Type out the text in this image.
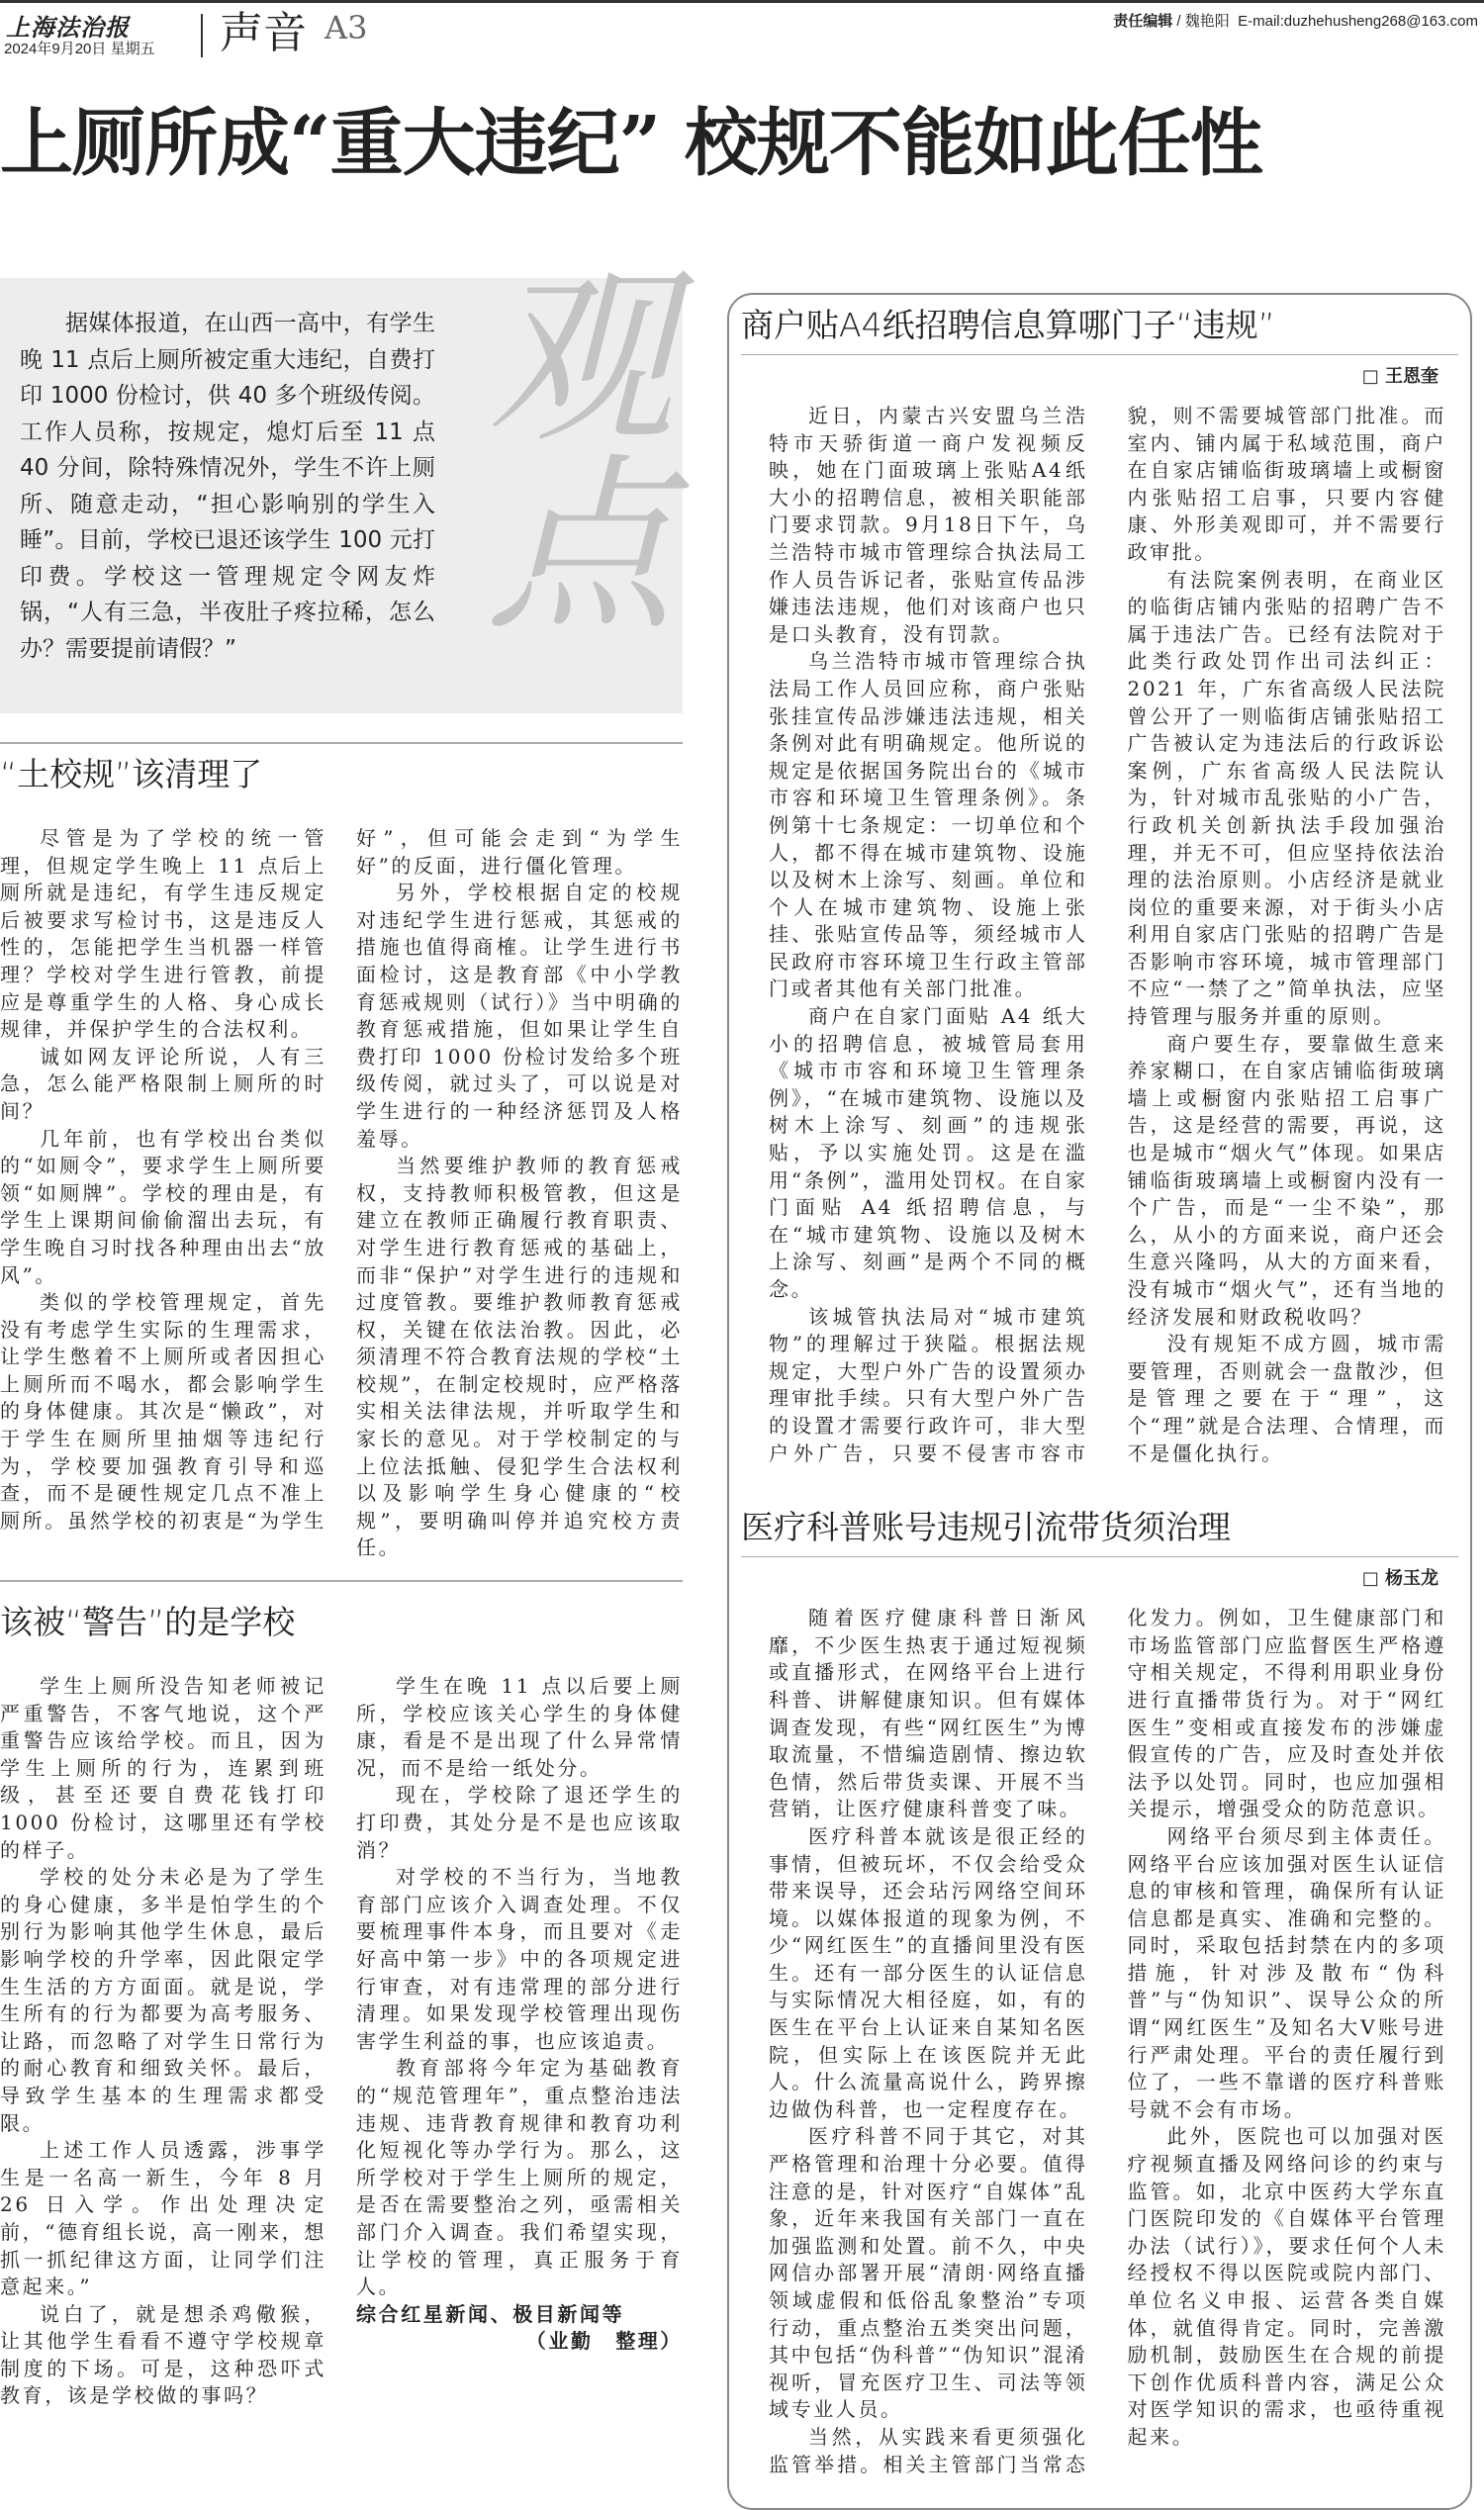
上海法治报
2024年9月20日 星期五 声音 A3	责任编辑 / 魏艳阳 E-mail:duzhehusheng268@163.com
上厕所成“重大违纪” 校规不能如此任性
观点
据媒体报道，在山西一高中，有学生晚 11 点后上厕所被定重大违纪，自费打印 1000 份检讨，供 40 多个班级传阅。工作人员称，按规定，熄灯后至 11 点 40 分间，除特殊情况外，学生不许上厕所、随意走动，“担心影响别的学生入睡”。目前，学校已退还该学生 100 元打印费。学校这一管理规定令网友炸锅，“人有三急，半夜肚子疼拉稀，怎么办？需要提前请假？”
“土校规”该清理了

尽管是为了学校的统一管理，但规定学生晚上 11 点后上厕所就是违纪，有学生违反规定后被要求写检讨书，这是违反人性的，怎能把学生当机器一样管理？学校对学生进行管教，前提应是尊重学生的人格、身心成长规律，并保护学生的合法权利。

诚如网友评论所说，人有三急，怎么能严格限制上厕所的时间？

几年前，也有学校出台类似的“如厕令”，要求学生上厕所要领“如厕牌”。学校的理由是，有学生上课期间偷偷溜出去玩，有学生晚自习时找各种理由出去“放风”。

类似的学校管理规定，首先没有考虑学生实际的生理需求，让学生憋着不上厕所或者因担心上厕所而不喝水，都会影响学生的身体健康。其次是“懒政”，对于学生在厕所里抽烟等违纪行为，学校要加强教育引导和巡查，而不是硬性规定几点不准上厕所。虽然学校的初衷是“为学生好”，但可能会走到“为学生好”的反面，进行僵化管理。

另外，学校根据自定的校规对违纪学生进行惩戒，其惩戒的措施也值得商榷。让学生进行书面检讨，这是教育部《中小学教育惩戒规则（试行）》当中明确的教育惩戒措施，但如果让学生自费打印 1000 份检讨发给多个班级传阅，就过头了，可以说是对学生进行的一种经济惩罚及人格羞辱。

当然要维护教师的教育惩戒权，支持教师积极管教，但这是建立在教师正确履行教育职责、对学生进行教育惩戒的基础上，而非“保护”对学生进行的违规和过度管教。要维护教师教育惩戒权，关键在依法治教。因此，必须清理不符合教育法规的学校“土校规”，在制定校规时，应严格落实相关法律法规，并听取学生和家长的意见。对于学校制定的与上位法抵触、侵犯学生合法权利以及影响学生身心健康的“校规”，要明确叫停并追究校方责任。

该被“警告”的是学校

学生上厕所没告知老师被记严重警告，不客气地说，这个严重警告应该给学校。而且，因为学生上厕所的行为，连累到班级，甚至还要自费花钱打印 1000 份检讨，这哪里还有学校的样子。

学校的处分未必是为了学生的身心健康，多半是怕学生的个别行为影响其他学生休息，最后影响学校的升学率，因此限定学生生活的方方面面。就是说，学生所有的行为都要为高考服务、让路，而忽略了对学生日常行为的耐心教育和细致关怀。最后，导致学生基本的生理需求都受限。

上述工作人员透露，涉事学生是一名高一新生，今年 8 月 26 日入学。作出处理决定前，“德育组长说，高一刚来，想抓一抓纪律这方面，让同学们注意起来。”

说白了，就是想杀鸡儆猴，让其他学生看看不遵守学校规章制度的下场。可是，这种恐吓式教育，该是学校做的事吗？

学生在晚 11 点以后要上厕所，学校应该关心学生的身体健康，看是不是出现了什么异常情况，而不是给一纸处分。

现在，学校除了退还学生的打印费，其处分是不是也应该取消？

对学校的不当行为，当地教育部门应该介入调查处理。不仅要梳理事件本身，而且要对《走好高中第一步》中的各项规定进行审查，对有违常理的部分进行清理。如果发现学校管理出现伤害学生利益的事，也应该追责。

教育部将今年定为基础教育的“规范管理年”，重点整治违法违规、违背教育规律和教育功利化短视化等办学行为。那么，这所学校对于学生上厕所的规定，是否在需要整治之列，亟需相关部门介入调查。我们希望实现，让学校的管理，真正服务于育人。

综合红星新闻、极目新闻等

（业勤　整理）

商户贴A4纸招聘信息算哪门子“违规”
□ 王恩奎

近日，内蒙古兴安盟乌兰浩特市天骄街道一商户发视频反映，她在门面玻璃上张贴A4纸大小的招聘信息，被相关职能部门要求罚款。9月18日下午，乌兰浩特市城市管理综合执法局工作人员告诉记者，张贴宣传品涉嫌违法违规，他们对该商户也只是口头教育，没有罚款。

乌兰浩特市城市管理综合执法局工作人员回应称，商户张贴张挂宣传品涉嫌违法违规，相关条例对此有明确规定。他所说的规定是依据国务院出台的《城市市容和环境卫生管理条例》。条例第十七条规定：一切单位和个人，都不得在城市建筑物、设施以及树木上涂写、刻画。单位和个人在城市建筑物、设施上张挂、张贴宣传品等，须经城市人民政府市容环境卫生行政主管部门或者其他有关部门批准。

商户在自家门面贴 A4 纸大小的招聘信息，被城管局套用《城市市容和环境卫生管理条例》，“在城市建筑物、设施以及树木上涂写、刻画”的违规张贴，予以实施处罚。这是在滥用“条例”，滥用处罚权。在自家门面贴 A4 纸招聘信息，与在“城市建筑物、设施以及树木上涂写、刻画”是两个不同的概念。

该城管执法局对“城市建筑物”的理解过于狭隘。根据法规规定，大型户外广告的设置须办理审批手续。只有大型户外广告的设置才需要行政许可，非大型户外广告，只要不侵害市容市貌，则不需要城管部门批准。而室内、铺内属于私域范围，商户在自家店铺临街玻璃墙上或橱窗内张贴招工启事，只要内容健康、外形美观即可，并不需要行政审批。

有法院案例表明，在商业区的临街店铺内张贴的招聘广告不属于违法广告。已经有法院对于此类行政处罚作出司法纠正：2021 年，广东省高级人民法院曾公开了一则临街店铺张贴招工广告被认定为违法后的行政诉讼案例，广东省高级人民法院认为，针对城市乱张贴的小广告，行政机关创新执法手段加强治理，并无不可，但应坚持依法治理的法治原则。小店经济是就业岗位的重要来源，对于街头小店利用自家店门张贴的招聘广告是否影响市容环境，城市管理部门不应“一禁了之”简单执法，应坚持管理与服务并重的原则。

商户要生存，要靠做生意来养家糊口，在自家店铺临街玻璃墙上或橱窗内张贴招工启事广告，这是经营的需要，再说，这也是城市“烟火气”体现。如果店铺临街玻璃墙上或橱窗内没有一个广告，而是“一尘不染”，那么，从小的方面来说，商户还会生意兴隆吗，从大的方面来看，没有城市“烟火气”，还有当地的经济发展和财政税收吗？

没有规矩不成方圆，城市需要管理，否则就会一盘散沙，但是管理之要在于“理”，这个“理”就是合法理、合情理，而不是僵化执行。

医疗科普账号违规引流带货须治理
□ 杨玉龙

随着医疗健康科普日渐风靡，不少医生热衷于通过短视频或直播形式，在网络平台上进行科普、讲解健康知识。但有媒体调查发现，有些“网红医生”为博取流量，不惜编造剧情、擦边软色情，然后带货卖课、开展不当营销，让医疗健康科普变了味。

医疗科普本就该是很正经的事情，但被玩坏，不仅会给受众带来误导，还会玷污网络空间环境。以媒体报道的现象为例，不少“网红医生”的直播间里没有医生。还有一部分医生的认证信息与实际情况大相径庭，如，有的医生在平台上认证来自某知名医院，但实际上在该医院并无此人。什么流量高说什么，跨界擦边做伪科普，也一定程度存在。

医疗科普不同于其它，对其严格管理和治理十分必要。值得注意的是，针对医疗“自媒体”乱象，近年来我国有关部门一直在加强监测和处置。前不久，中央网信办部署开展“清朗·网络直播领域虚假和低俗乱象整治”专项行动，重点整治五类突出问题，其中包括“伪科普”“伪知识”混淆视听，冒充医疗卫生、司法等领域专业人员。

当然，从实践来看更须强化监管举措。相关主管部门当常态化发力。例如，卫生健康部门和市场监管部门应监督医生严格遵守相关规定，不得利用职业身份进行直播带货行为。对于“网红医生”变相或直接发布的涉嫌虚假宣传的广告，应及时查处并依法予以处罚。同时，也应加强相关提示，增强受众的防范意识。

网络平台须尽到主体责任。网络平台应该加强对医生认证信息的审核和管理，确保所有认证信息都是真实、准确和完整的。同时，采取包括封禁在内的多项措施，针对涉及散布“伪科普”与“伪知识”、误导公众的所谓“网红医生”及知名大V账号进行严肃处理。平台的责任履行到位了，一些不靠谱的医疗科普账号就不会有市场。

此外，医院也可以加强对医疗视频直播及网络问诊的约束与监管。如，北京中医药大学东直门医院印发的《自媒体平台管理办法（试行）》，要求任何个人未经授权不得以医院或院内部门、单位名义申报、运营各类自媒体，就值得肯定。同时，完善激励机制，鼓励医生在合规的前提下创作优质科普内容，满足公众对医学知识的需求，也亟待重视起来。
